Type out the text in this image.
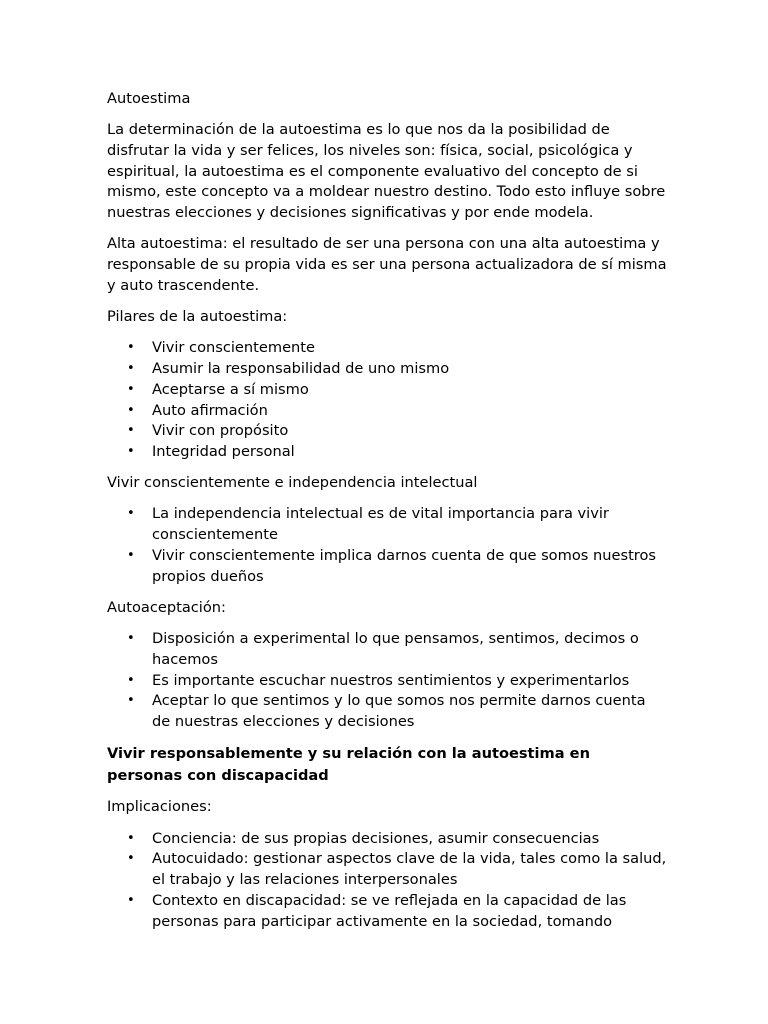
Autoestima

La determinación de la autoestima es lo que nos da la posibilidad de disfrutar la vida y ser felices, los niveles son: física, social, psicológica y espiritual, la autoestima es el componente evaluativo del concepto de si mismo, este concepto va a moldear nuestro destino. Todo esto influye sobre nuestras elecciones y decisiones significativas y por ende modela.

Alta autoestima: el resultado de ser una persona con una alta autoestima y responsable de su propia vida es ser una persona actualizadora de sí misma y auto trascendente.

Pilares de la autoestima:

• Vivir conscientemente
• Asumir la responsabilidad de uno mismo
• Aceptarse a sí mismo
• Auto afirmación
• Vivir con propósito
• Integridad personal

Vivir conscientemente e independencia intelectual

• La independencia intelectual es de vital importancia para vivir conscientemente
• Vivir conscientemente implica darnos cuenta de que somos nuestros propios dueños

Autoaceptación:

• Disposición a experimental lo que pensamos, sentimos, decimos o hacemos
• Es importante escuchar nuestros sentimientos y experimentarlos
• Aceptar lo que sentimos y lo que somos nos permite darnos cuenta de nuestras elecciones y decisiones

Vivir responsablemente y su relación con la autoestima en personas con discapacidad

Implicaciones:

• Conciencia: de sus propias decisiones, asumir consecuencias
• Autocuidado: gestionar aspectos clave de la vida, tales como la salud, el trabajo y las relaciones interpersonales
• Contexto en discapacidad: se ve reflejada en la capacidad de las personas para participar activamente en la sociedad, tomando
